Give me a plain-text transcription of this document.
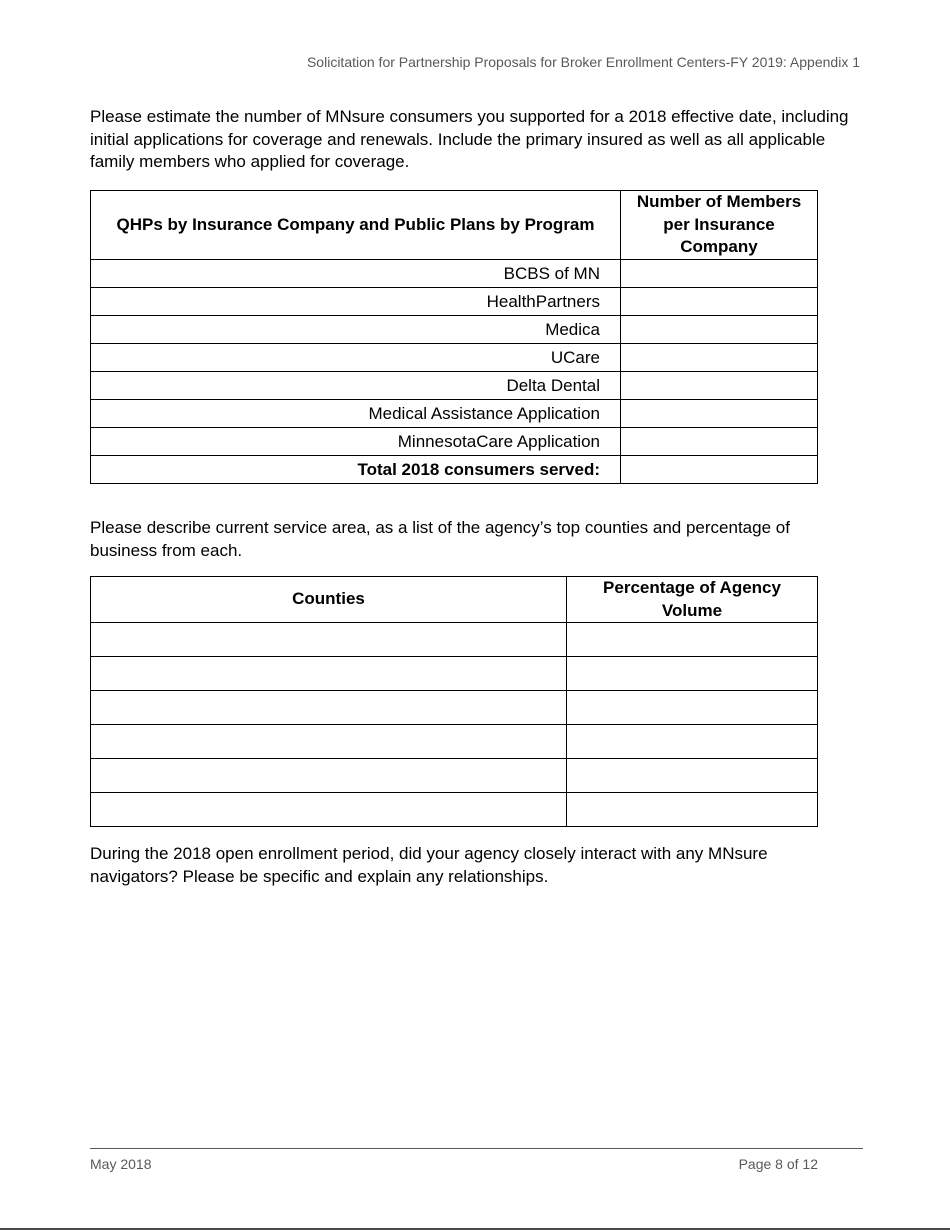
Solicitation for Partnership Proposals for Broker Enrollment Centers-FY 2019: Appendix 1

Please estimate the number of MNsure consumers you supported for a 2018 effective date, including initial applications for coverage and renewals. Include the primary insured as well as all applicable family members who applied for coverage.

QHPs by Insurance Company and Public Plans by Program	Number of Members
per Insurance
Company

BCBS of MN	
HealthPartners	
Medica	
UCare	
Delta Dental	
Medical Assistance Application	
MinnesotaCare Application	
Total 2018 consumers served:	

Please describe current service area, as a list of the agency’s top counties and percentage of business from each.

Counties	Percentage of Agency
Volume

During the 2018 open enrollment period, did your agency closely interact with any MNsure navigators? Please be specific and explain any relationships.

May 2018	Page 8 of 12
